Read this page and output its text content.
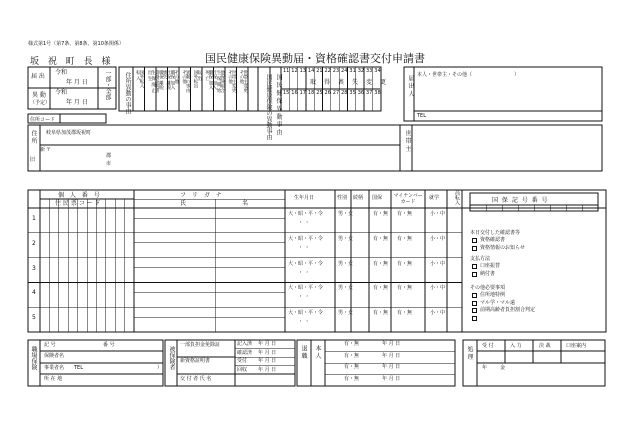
様式第1号（第7条、第8条、第10条関係）
坂 祝 町 長 様	国民健康保険異動届・資格確認書交付申請書
届 出
異 動
（予定）
令和
年 月 日
令和
年 月 日
一部・全部 住所異動の事由 転 入
国外転入 出 生
生 保 廃 止
資格証明書 職保 離脱
喪失
社保 離脱 職保 加入
その他 その他
異動の事由 国外転出
転 出 死 亡
職保 加入
社保 加入 生 保 開 始
他保険組合 その他
世帯主変更 その他
世帯主変更	国民健康保険の異動事由 国 民 健 保 異 動 事 由
11 12 13 14 21 22 23 24 31 32 33 34
15 16 17 18 25 26 27 28 35 36 37 38
取 得 喪 失 変 更	届 出 人 本人・世帯主・その他（	）
TEL
住所コード
住 所 岐阜県加茂郡坂祝町
新 〒
旧
郡
市
世 帯 主
個 人 番 号
住 民 票 コ ー ド
フ リ ガ ナ
氏	名
生年月日	性別 続柄 国保 マイナンバーカード
就学	高転入	国 保 記 号 番 号
1
大・昭・平・令
・ ・
男・女	有・無 有・無	小・中
2
大・昭・平・令
・ ・
男・女	有・無 有・無	小・中
3
大・昭・平・令
・ ・
男・女	有・無 有・無	小・中
4
大・昭・平・令
・ ・
男・女	有・無 有・無	小・中
5
大・昭・平・令
・ ・
男・女	有・無 有・無	小・中
本日交付した確認書等
支払方法
その他必要事項
資格確認書
資格情報のお知らせ
口座振替
納付書
住所地特例
マル学・マル遠
前期高齢者負担割合判定
職場保険
記 号	番 号
保険者名
事業者名 TEL	）
所 在 地
被保険者
一部負担金免除証
新資格証明書
交 付 者 氏 名
記入済 年 月 日
確認済 年 月 日
受付 年 月 日
回収 年 月 日
退 職 本 人
有・無	年 月 日
有・無	年 月 日
有・無	年 月 日
有・無	年 月 日
処 理 受 付	入 力	決 裁	口座案内
年	金
